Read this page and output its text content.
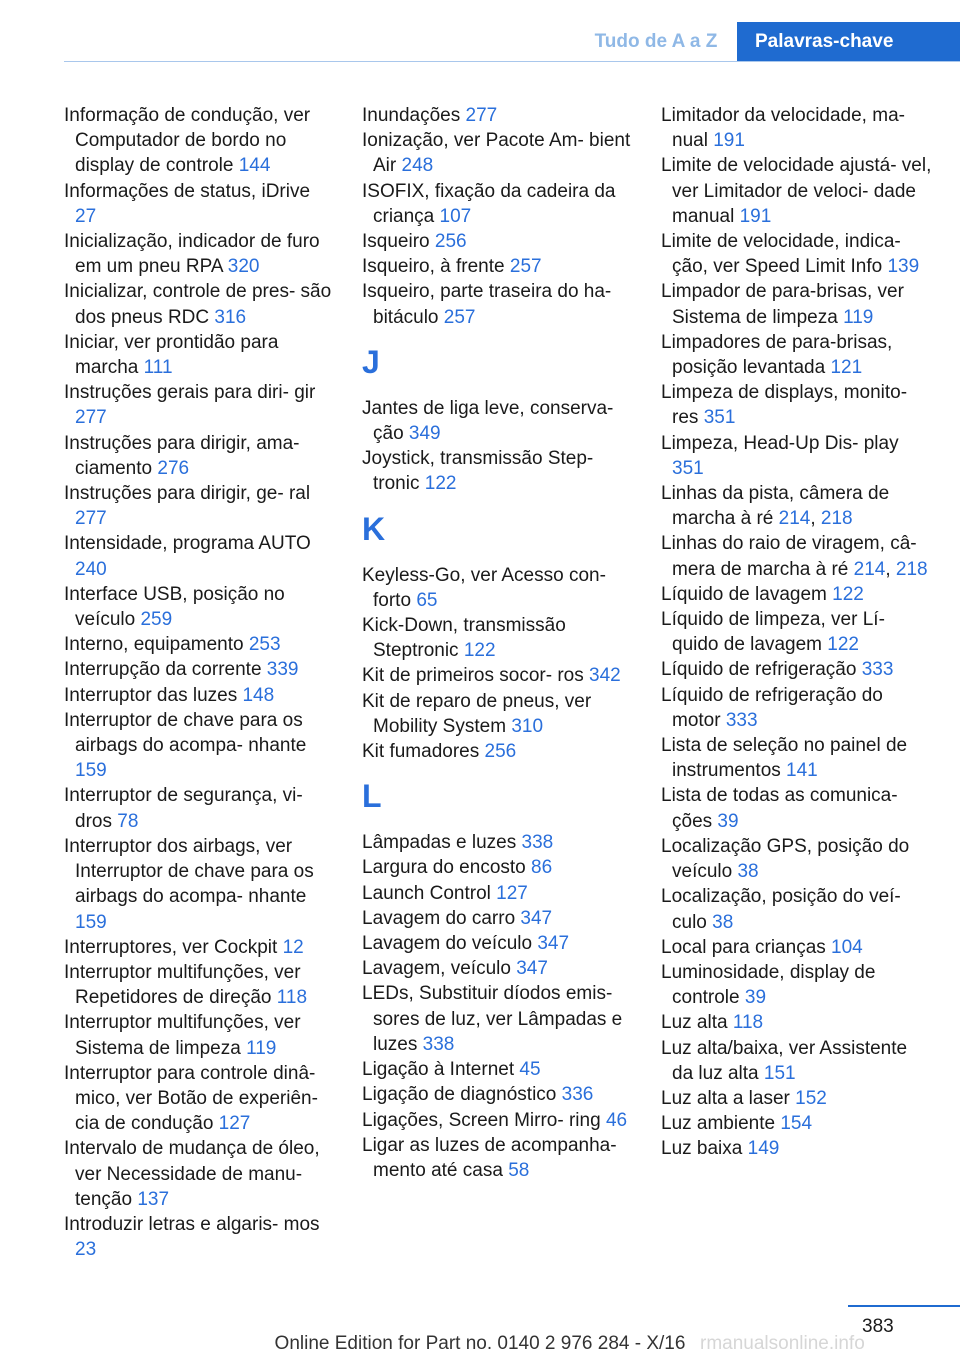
Tudo de A a Z	Palavras-chave
Informação de condução, ver Computador de bordo no display de controle 144
Informações de status, iDrive 27
Inicialização, indicador de furo em um pneu RPA 320
Inicializar, controle de pres‐ são dos pneus RDC 316
Iniciar, ver prontidão para marcha 111
Instruções gerais para diri‐ gir 277
Instruções para dirigir, ama‐ ciamento 276
Instruções para dirigir, ge‐ ral 277
Intensidade, programa AUTO 240
Interface USB, posição no veículo 259
Interno, equipamento 253
Interrupção da corrente 339
Interruptor das luzes 148
Interruptor de chave para os airbags do acompa‐ nhante 159
Interruptor de segurança, vi‐ dros 78
Interruptor dos airbags, ver Interruptor de chave para os airbags do acompa‐ nhante 159
Interruptores, ver Cockpit 12
Interruptor multifunções, ver Repetidores de direção 118
Interruptor multifunções, ver Sistema de limpeza 119
Interruptor para controle dinâ‐ mico, ver Botão de experiên‐ cia de condução 127
Intervalo de mudança de óleo, ver Necessidade de manu‐ tenção 137
Introduzir letras e algaris‐ mos 23
Inundações 277
Ionização, ver Pacote Am‐ bient Air 248
ISOFIX, fixação da cadeira da criança 107
Isqueiro 256
Isqueiro, à frente 257
Isqueiro, parte traseira do ha‐ bitáculo 257
J
Jantes de liga leve, conserva‐ ção 349
Joystick, transmissão Step‐ tronic 122
K
Keyless-Go, ver Acesso con‐ forto 65
Kick-Down, transmissão Steptronic 122
Kit de primeiros socor‐ ros 342
Kit de reparo de pneus, ver Mobility System 310
Kit fumadores 256
L
Lâmpadas e luzes 338
Largura do encosto 86
Launch Control 127
Lavagem do carro 347
Lavagem do veículo 347
Lavagem, veículo 347
LEDs, Substituir díodos emis‐ sores de luz, ver Lâmpadas e luzes 338
Ligação à Internet 45
Ligação de diagnóstico 336
Ligações, Screen Mirro‐ ring 46
Ligar as luzes de acompanha‐ mento até casa 58
Limitador da velocidade, ma‐ nual 191
Limite de velocidade ajustá‐ vel, ver Limitador de veloci‐ dade manual 191
Limite de velocidade, indica‐ ção, ver Speed Limit Info 139
Limpador de para-brisas, ver Sistema de limpeza 119
Limpadores de para-brisas, posição levantada 121
Limpeza de displays, monito‐ res 351
Limpeza, Head-Up Dis‐ play 351
Linhas da pista, câmera de marcha à ré 214, 218
Linhas do raio de viragem, câ‐ mera de marcha à ré 214, 218
Líquido de lavagem 122
Líquido de limpeza, ver Lí‐ quido de lavagem 122
Líquido de refrigeração 333
Líquido de refrigeração do motor 333
Lista de seleção no painel de instrumentos 141
Lista de todas as comunica‐ ções 39
Localização GPS, posição do veículo 38
Localização, posição do veí‐ culo 38
Local para crianças 104
Luminosidade, display de controle 39
Luz alta 118
Luz alta/baixa, ver Assistente da luz alta 151
Luz alta a laser 152
Luz ambiente 154
Luz baixa 149
383
Online Edition for Part no. 0140 2 976 284 - X/16 rmanualsonline.info
